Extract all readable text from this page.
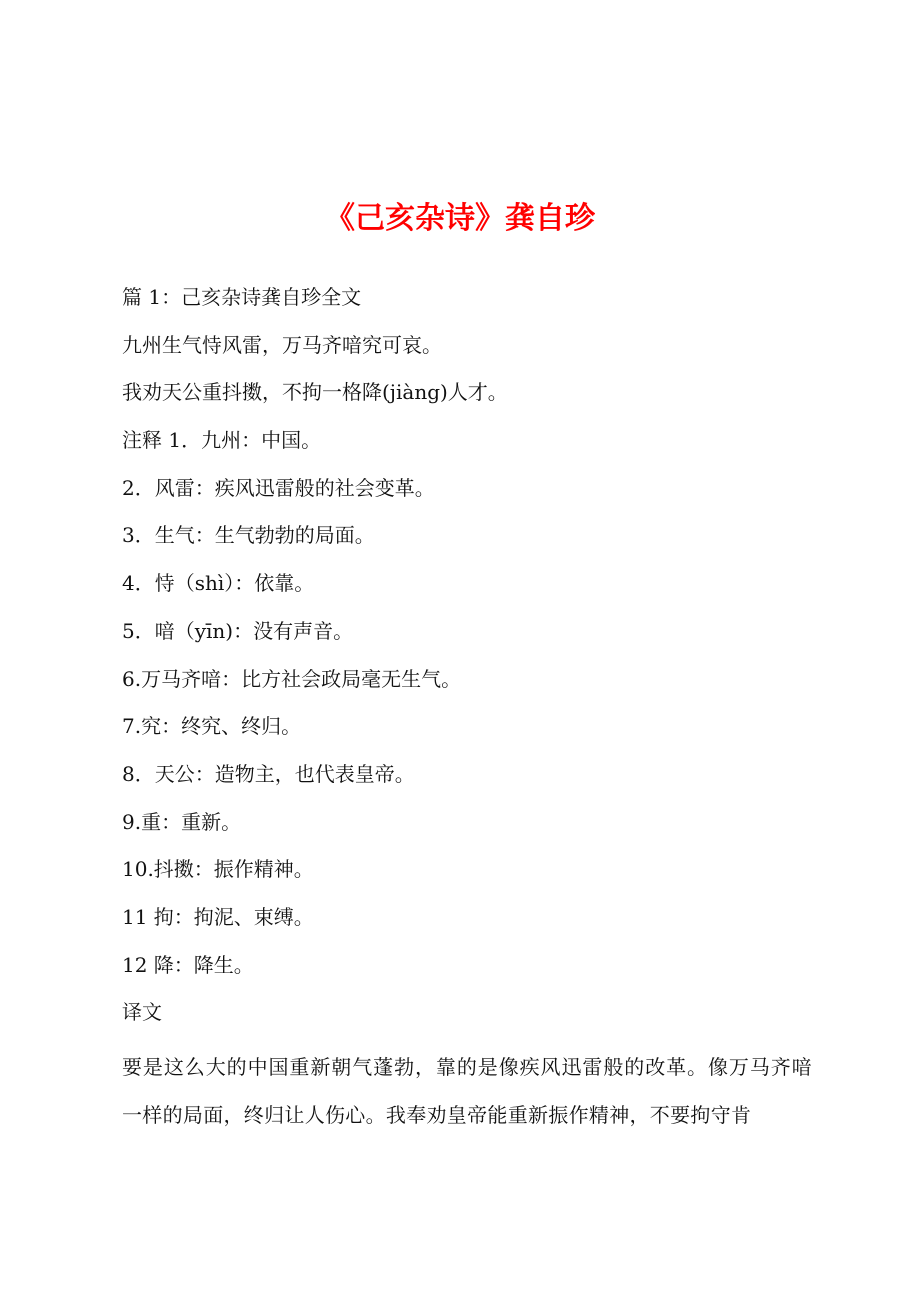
《己亥杂诗》龚自珍

篇 1：己亥杂诗龚自珍全文

九州生气恃风雷，万马齐喑究可哀。

我劝天公重抖擞，不拘一格降(jiàng)人才。

注释 1．九州：中国。

2．风雷：疾风迅雷般的社会变革。

3．生气：生气勃勃的局面。

4．恃（shì）：依靠。

5．喑（yīn)：没有声音。

6.万马齐喑：比方社会政局毫无生气。

7.究：终究、终归。

8．天公：造物主，也代表皇帝。

9.重：重新。

10.抖擞：振作精神。

11 拘：拘泥、束缚。

12 降：降生。

译文

要是这么大的中国重新朝气蓬勃，靠的是像疾风迅雷般的改革。像万马齐喑一样的局面，终归让人伤心。我奉劝皇帝能重新振作精神，不要拘守肯
